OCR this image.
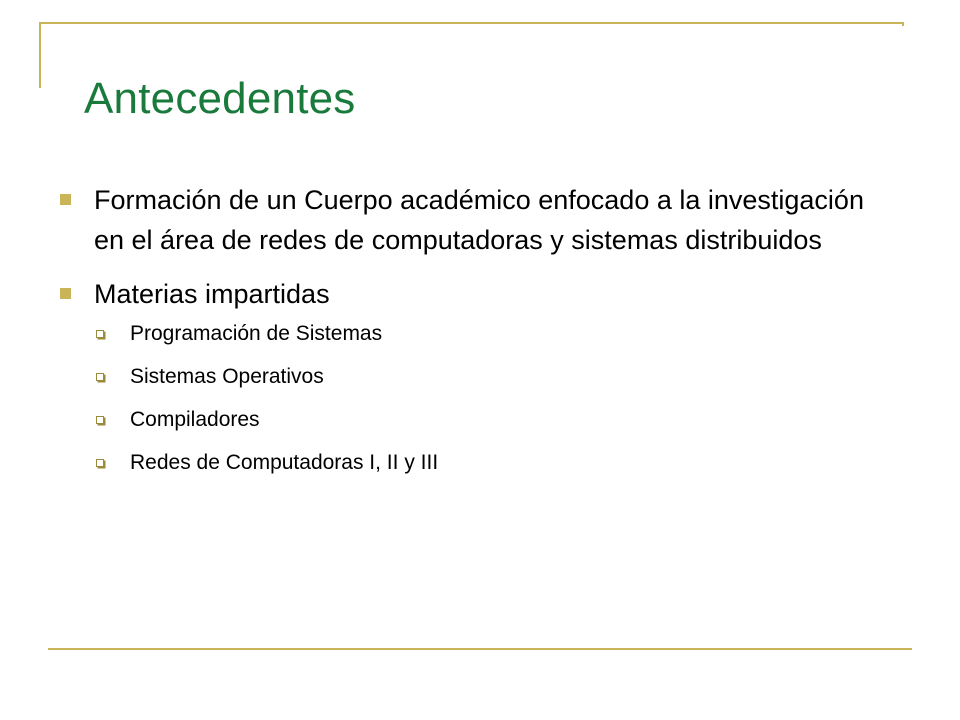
Antecedentes
Formación de un Cuerpo académico enfocado a la investigación en el área de redes de computadoras y sistemas distribuidos
Materias impartidas
Programación de Sistemas
Sistemas Operativos
Compiladores
Redes de Computadoras I, II y III
